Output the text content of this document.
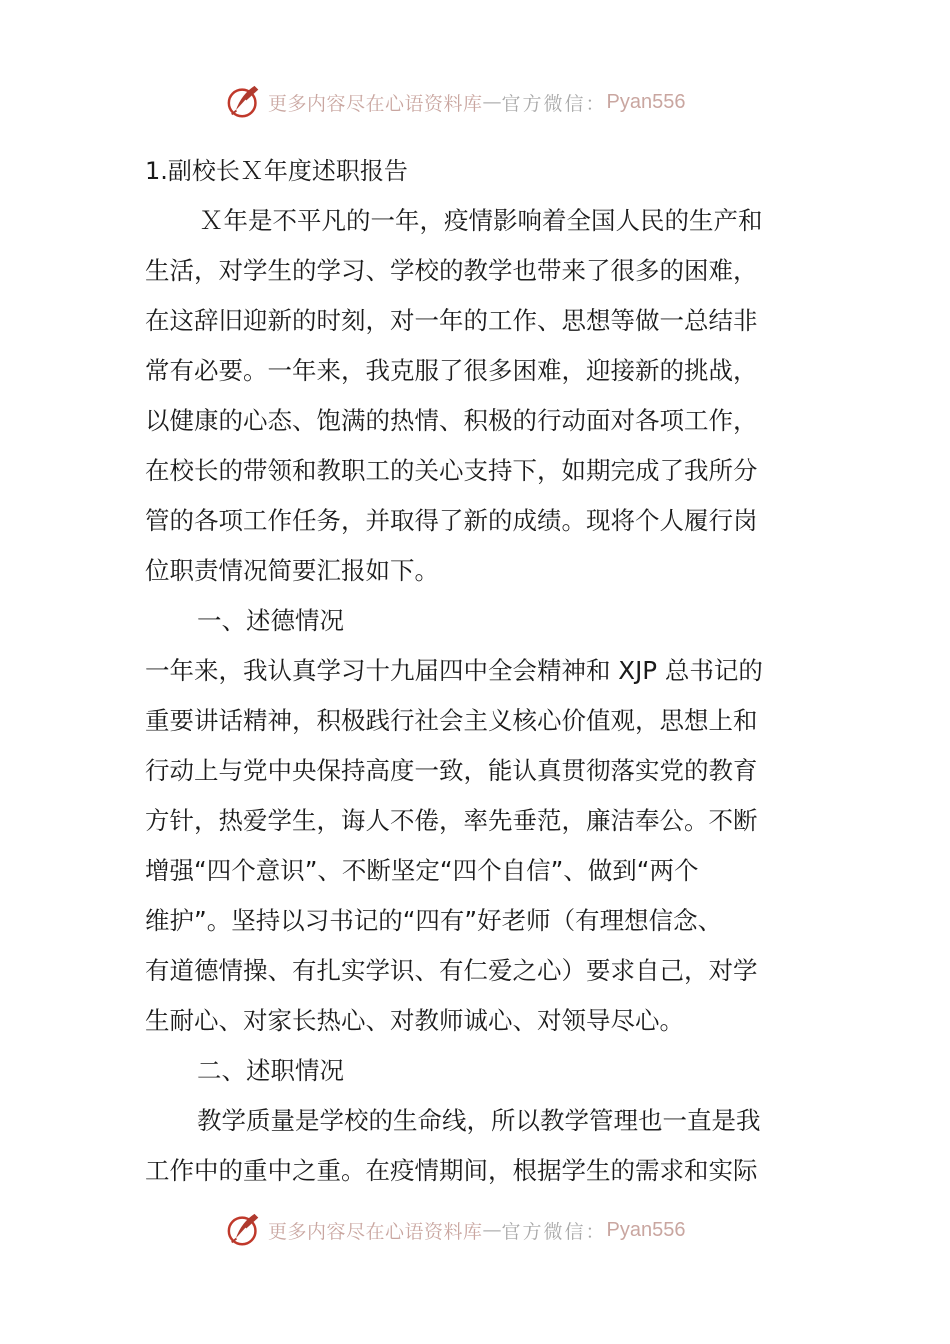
更多内容尽在心语资料库 — 官方微信： Pyan556
1.副校长Ｘ年度述职报告
Ｘ年是不平凡的一年，疫情影响着全国人民的生产和
生活，对学生的学习、学校的教学也带来了很多的困难，
在这辞旧迎新的时刻，对一年的工作、思想等做一总结非
常有必要。一年来，我克服了很多困难，迎接新的挑战，
以健康的心态、饱满的热情、积极的行动面对各项工作，
在校长的带领和教职工的关心支持下，如期完成了我所分
管的各项工作任务，并取得了新的成绩。现将个人履行岗
位职责情况简要汇报如下。
一、述德情况
一年来，我认真学习十九届四中全会精神和 XJP 总书记的
重要讲话精神，积极践行社会主义核心价值观，思想上和
行动上与党中央保持高度一致，能认真贯彻落实党的教育
方针，热爱学生，诲人不倦，率先垂范，廉洁奉公。不断
增强“四个意识”、不断坚定“四个自信”、做到“两个
维护”。坚持以习书记的“四有”好老师（有理想信念、
有道德情操、有扎实学识、有仁爱之心）要求自己，对学
生耐心、对家长热心、对教师诚心、对领导尽心。
二、述职情况
教学质量是学校的生命线，所以教学管理也一直是我
工作中的重中之重。在疫情期间，根据学生的需求和实际
更多内容尽在心语资料库 — 官方微信： Pyan556
